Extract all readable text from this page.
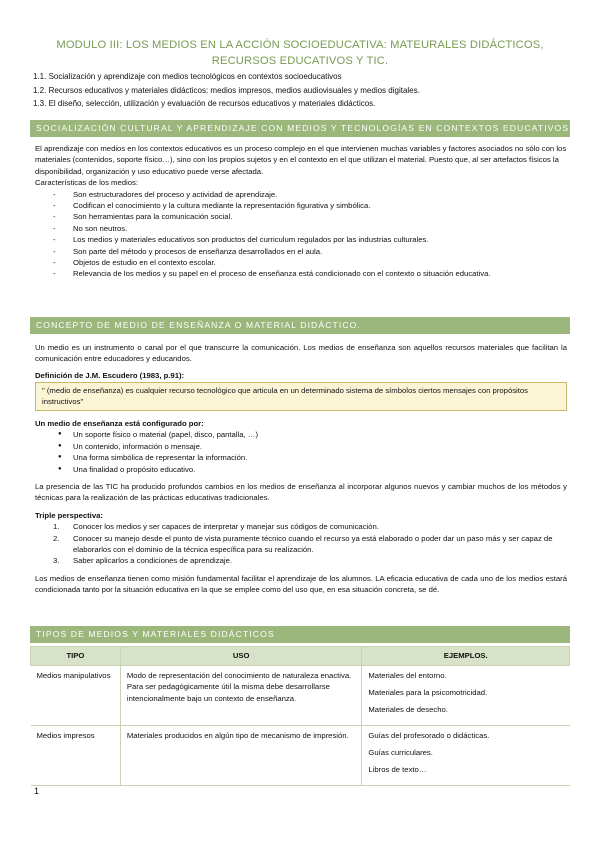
MODULO III: LOS MEDIOS EN LA ACCIÓN SOCIOEDUCATIVA: MATEURALES DIDÁCTICOS, RECURSOS EDUCATIVOS Y TIC.
1.1. Socialización y aprendizaje con medios tecnológicos en contextos socioeducativos
1.2. Recursos educativos y materiales didácticos: medios impresos, medios audiovisuales y medios digitales.
1.3. El diseño, selección, utilización y evaluación de recursos educativos y materiales didácticos.
SOCIALIZACIÓN CULTURAL Y APRENDIZAJE CON MEDIOS Y TECNOLOGÍAS EN CONTEXTOS EDUCATIVOS

El aprendizaje con medios en los contextos educativos es un proceso complejo en el que intervienen muchas variables y factores asociados no sólo con los materiales (contenidos, soporte físico…), sino con los propios sujetos y en el contexto en el que utilizan el material. Puesto que, al ser artefactos físicos la disponibilidad, organización y uso educativo puede verse afectada.

Características de los medios:

- Son estructuradores del proceso y actividad de aprendizaje.
- Codifican el conocimiento y la cultura mediante la representación figurativa y simbólica.
- Son herramientas para la comunicación social.
- No son neutros.
- Los medios y materiales educativos son productos del curriculum regulados por las industrias culturales.
- Son parte del método y procesos de enseñanza desarrollados en el aula.
- Objetos de estudio en el contexto escolar.
- Relevancia de los medios y su papel en el proceso de enseñanza está condicionado con el contexto o situación educativa.
CONCEPTO DE MEDIO DE ENSEÑANZA O MATERIAL DIDÁCTICO.
Un medio es un instrumento o canal por el que transcurre la comunicación. Los medios de enseñanza son aquellos recursos materiales que facilitan la comunicación entre educadores y educandos.
Definición de J.M. Escudero (1983, p.91):
" (medio de enseñanza) es cualquier recurso tecnológico que articula en un determinado sistema de símbolos ciertos mensajes con propósitos instructivos"

Un medio de enseñanza está configurado por:

● Un soporte físico o material (papel, disco, pantalla, …)
● Un contenido, información o mensaje.
● Una forma simbólica de representar la información.
● Una finalidad o propósito educativo.

La presencia de las TIC ha producido profundos cambios en los medios de enseñanza al incorporar algunos nuevos y cambiar muchos de los métodos y técnicas para la realización de las prácticas educativas tradicionales.

Triple perspectiva:

1. Conocer los medios y ser capaces de interpretar y manejar sus códigos de comunicación.
2. Conocer su manejo desde el punto de vista puramente técnico cuando el recurso ya está elaborado o poder dar un paso más y ser capaz de elaborarlos con el dominio de la técnica específica para su realización.
3. Saber aplicarlos a condiciones de aprendizaje.

Los medios de enseñanza tienen como misión fundamental facilitar el aprendizaje de los alumnos. LA eficacia educativa de cada uno de los medios estará condicionada tanto por la situación educativa en la que se emplee como del uso que, en esa situación concreta, se dé.

TIPOS DE MEDIOS Y MATERIALES DIDÁCTICOS
TIPO	USO	EJEMPLOS.
Medios manipulativos	Modo de representación del conocimiento de naturaleza enactiva. Para ser pedagógicamente útil la misma debe desarrollarse intencionalmente bajo un contexto de enseñanza.	Materiales del entorno.
Materiales para la psicomotricidad.
Materiales de desecho.

Medios impresos	Materiales producidos en algún tipo de mecanismo de impresión.	Guías del profesorado o didácticas.
Guías curriculares.
Libros de texto…
1
